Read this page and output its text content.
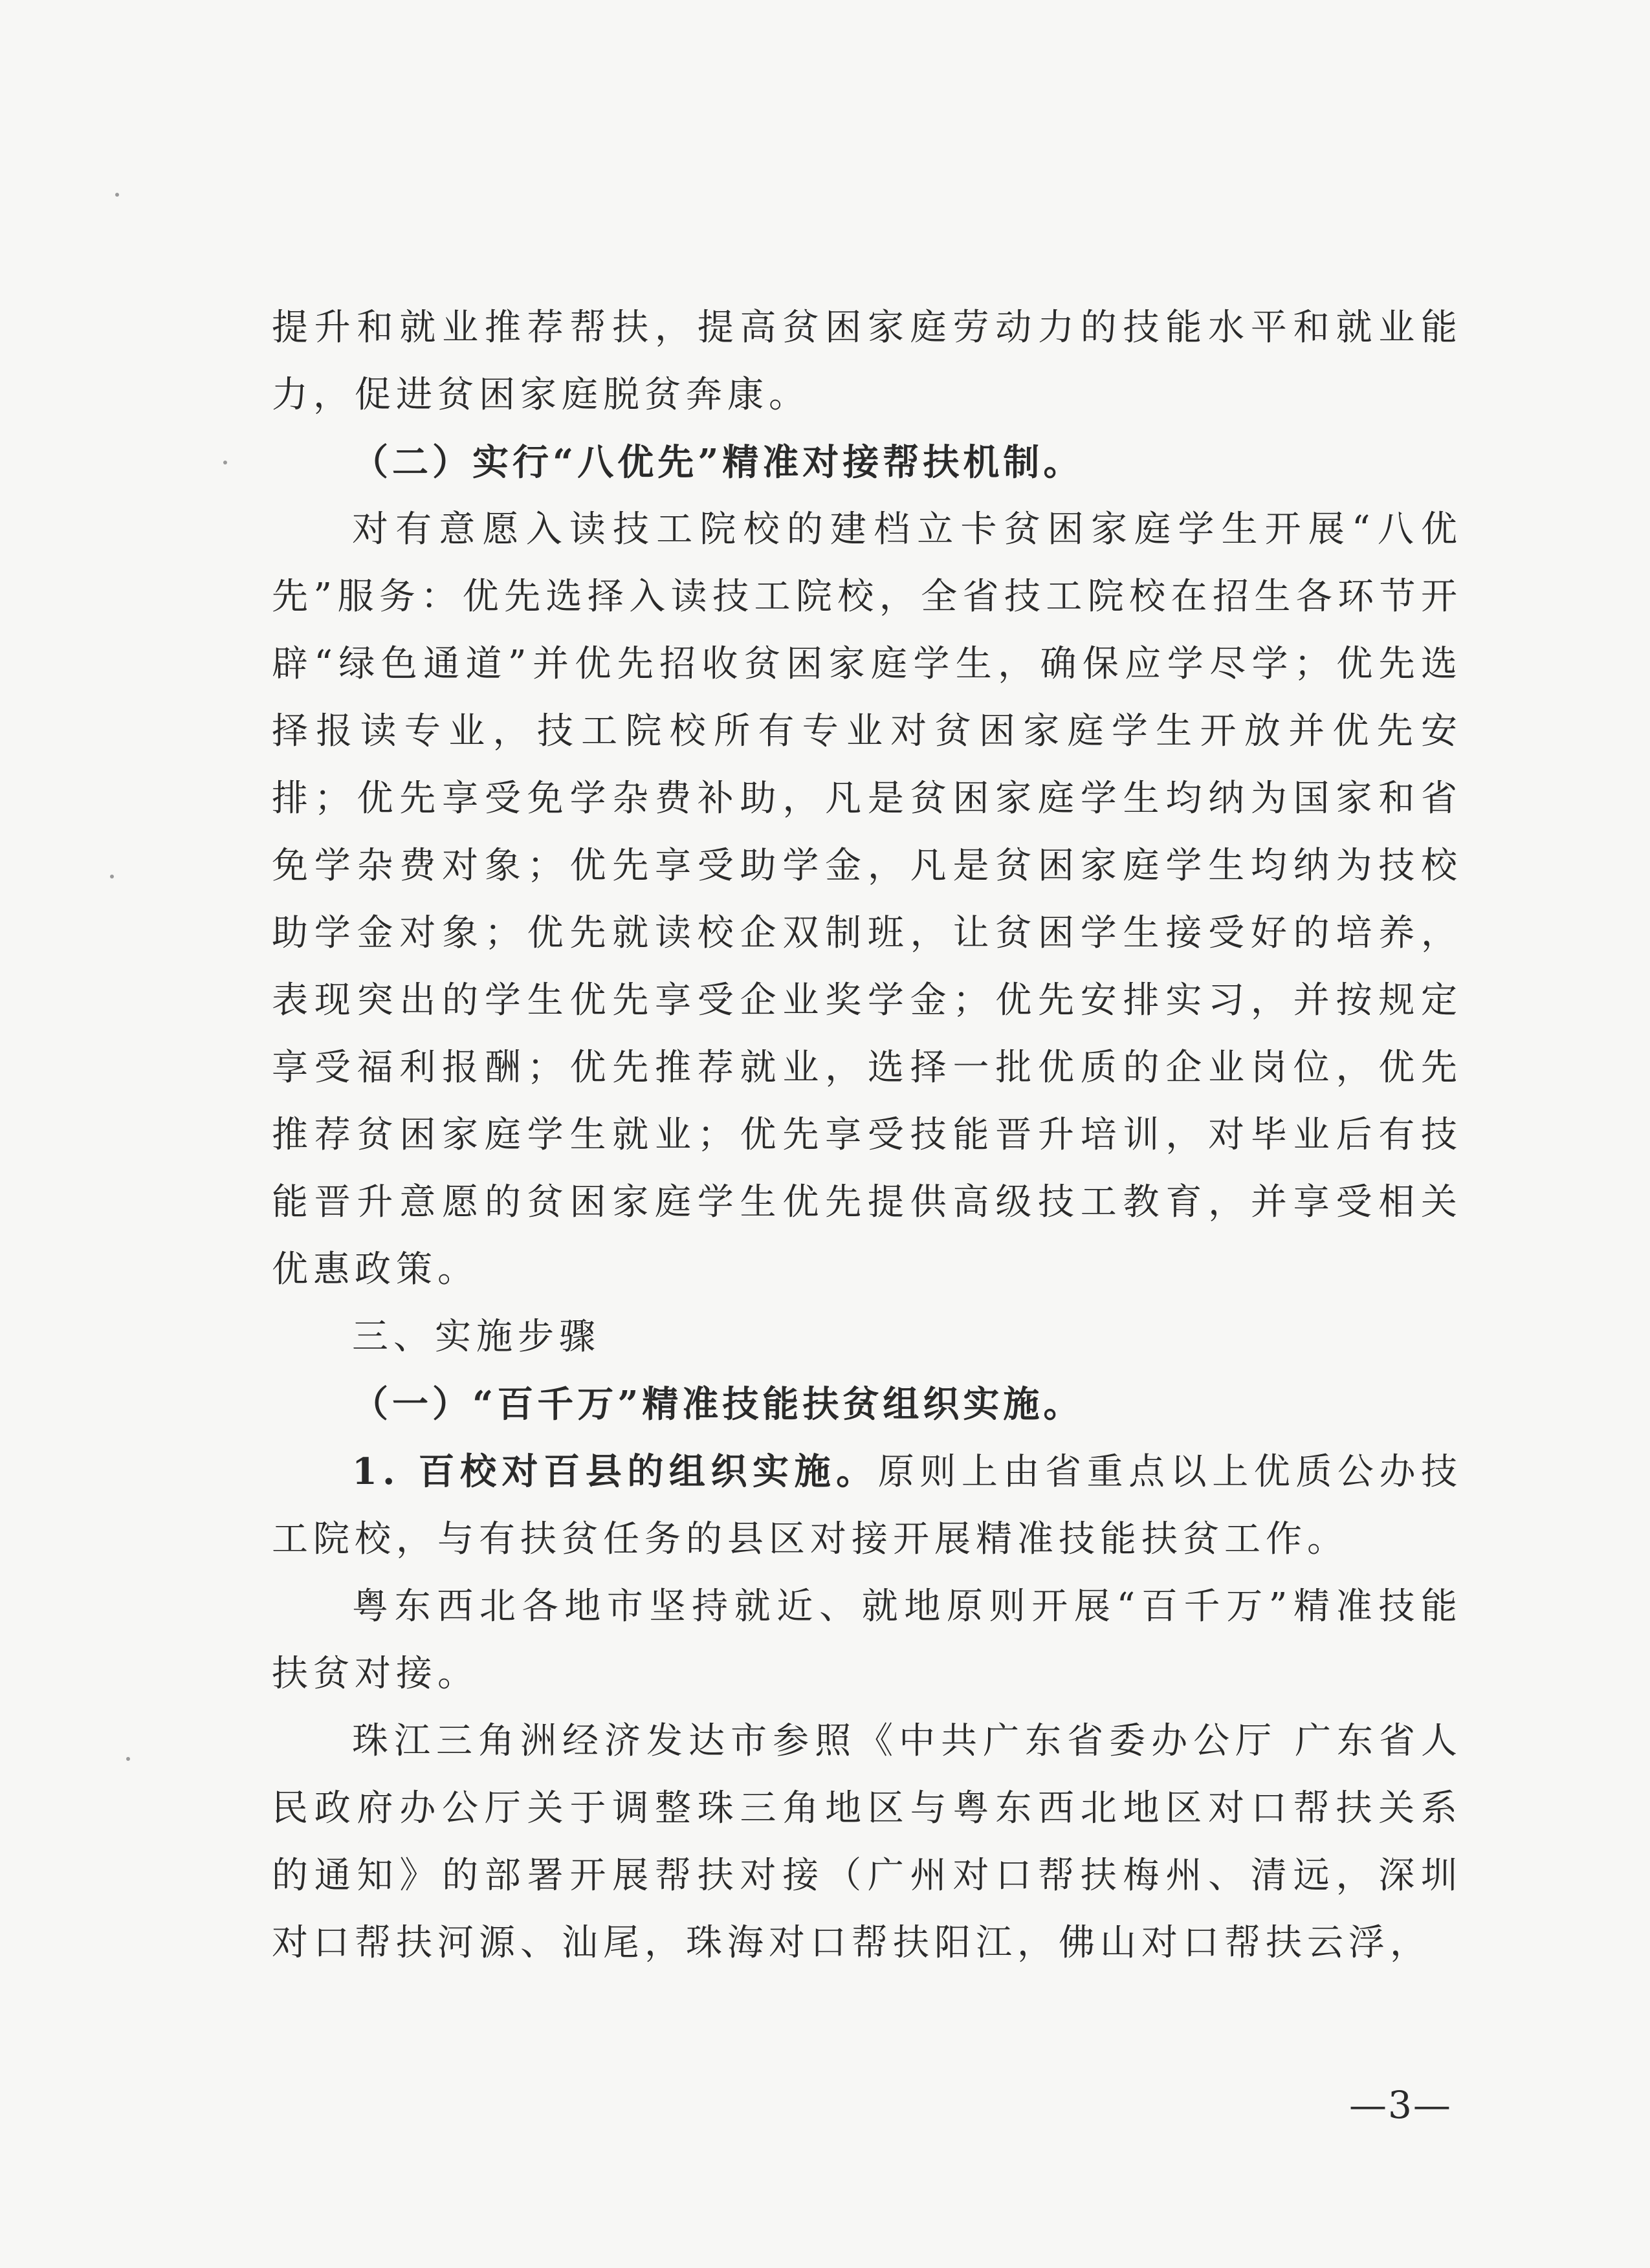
提升和就业推荐帮扶，提高贫困家庭劳动力的技能水平和就业能力，促进贫困家庭脱贫奔康。

（二）实行“八优先”精准对接帮扶机制。

对有意愿入读技工院校的建档立卡贫困家庭学生开展“八优先”服务：优先选择入读技工院校，全省技工院校在招生各环节开辟“绿色通道”并优先招收贫困家庭学生，确保应学尽学；优先选择报读专业，技工院校所有专业对贫困家庭学生开放并优先安排；优先享受免学杂费补助，凡是贫困家庭学生均纳为国家和省免学杂费对象；优先享受助学金，凡是贫困家庭学生均纳为技校助学金对象；优先就读校企双制班，让贫困学生接受好的培养，表现突出的学生优先享受企业奖学金；优先安排实习，并按规定享受福利报酬；优先推荐就业，选择一批优质的企业岗位，优先推荐贫困家庭学生就业；优先享受技能晋升培训，对毕业后有技能晋升意愿的贫困家庭学生优先提供高级技工教育，并享受相关优惠政策。

三、实施步骤

（一）“百千万”精准技能扶贫组织实施。

1. 百校对百县的组织实施。原则上由省重点以上优质公办技工院校，与有扶贫任务的县区对接开展精准技能扶贫工作。

粤东西北各地市坚持就近、就地原则开展“百千万”精准技能扶贫对接。

珠江三角洲经济发达市参照《中共广东省委办公厅 广东省人民政府办公厅关于调整珠三角地区与粤东西北地区对口帮扶关系的通知》的部署开展帮扶对接（广州对口帮扶梅州、清远，深圳对口帮扶河源、汕尾，珠海对口帮扶阳江，佛山对口帮扶云浮，

—3—
